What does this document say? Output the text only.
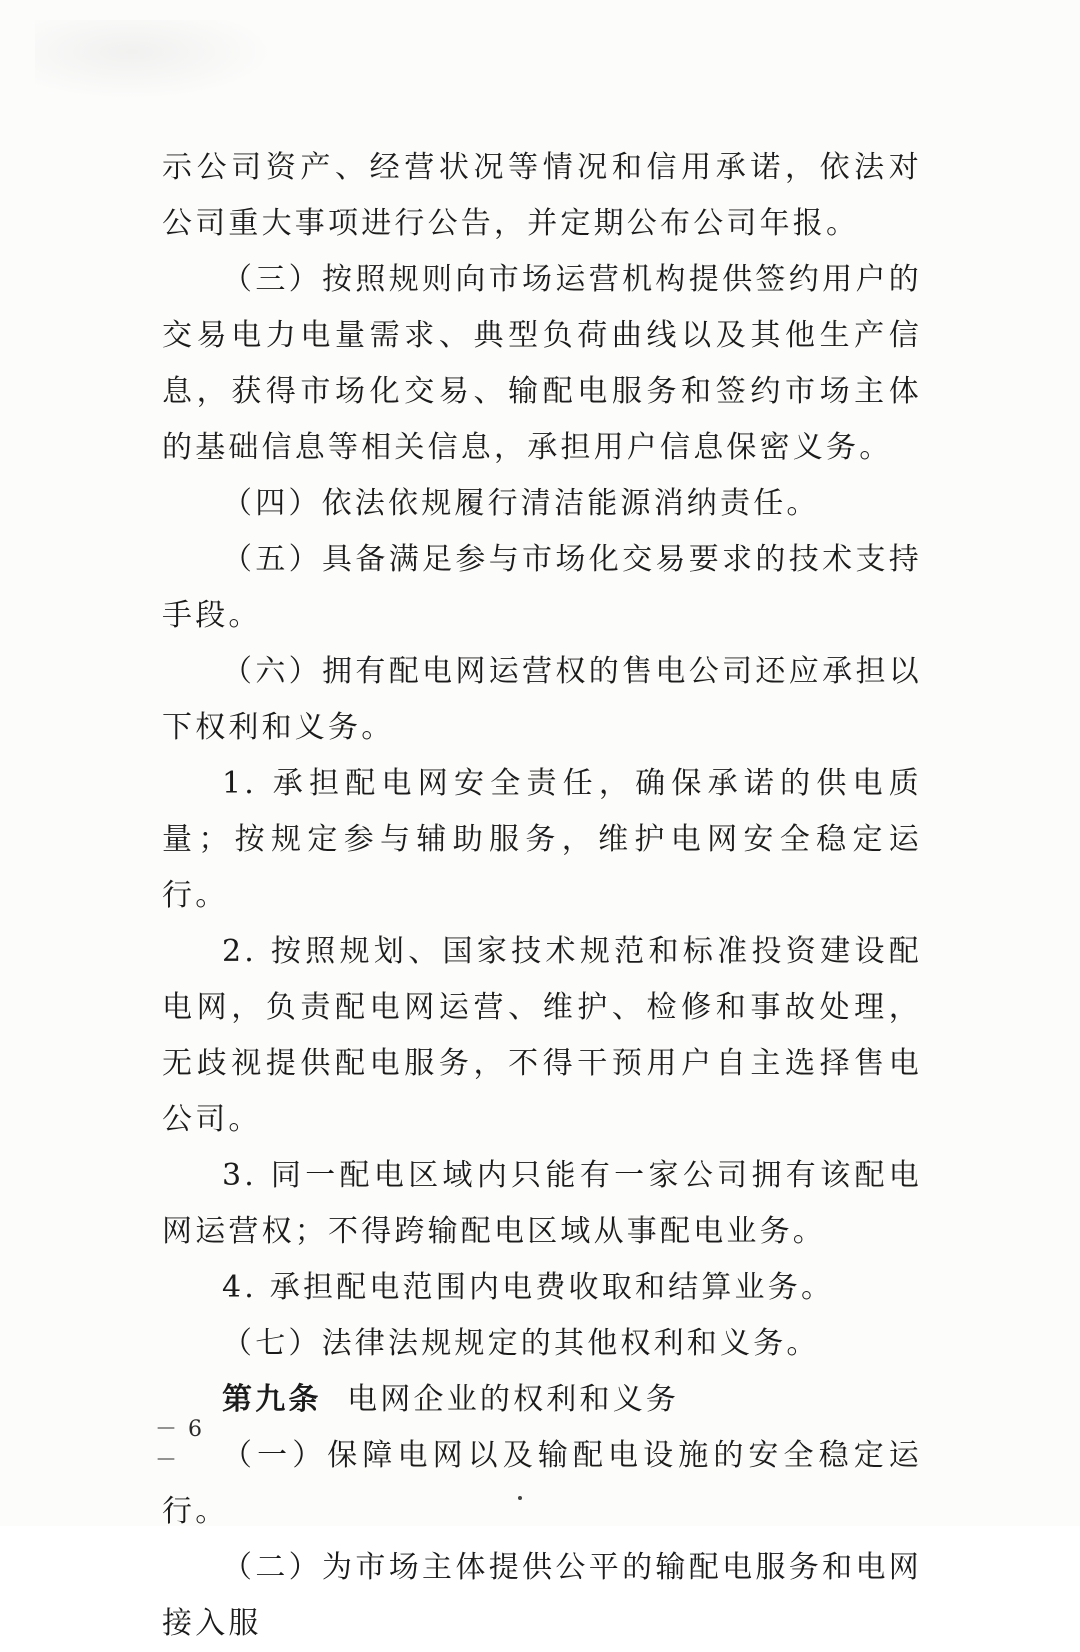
示公司资产、经营状况等情况和信用承诺，依法对公司重大事项进行公告，并定期公布公司年报。

（三）按照规则向市场运营机构提供签约用户的交易电力电量需求、典型负荷曲线以及其他生产信息，获得市场化交易、输配电服务和签约市场主体的基础信息等相关信息，承担用户信息保密义务。

（四）依法依规履行清洁能源消纳责任。

（五）具备满足参与市场化交易要求的技术支持手段。

（六）拥有配电网运营权的售电公司还应承担以下权利和义务。

1. 承担配电网安全责任，确保承诺的供电质量；按规定参与辅助服务，维护电网安全稳定运行。

2. 按照规划、国家技术规范和标准投资建设配电网，负责配电网运营、维护、检修和事故处理，无歧视提供配电服务，不得干预用户自主选择售电公司。

3. 同一配电区域内只能有一家公司拥有该配电网运营权；不得跨输配电区域从事配电业务。

4. 承担配电范围内电费收取和结算业务。

（七）法律法规规定的其他权利和义务。

第九条 电网企业的权利和义务

（一）保障电网以及输配电设施的安全稳定运行。

（二）为市场主体提供公平的输配电服务和电网接入服

－ 6 －
